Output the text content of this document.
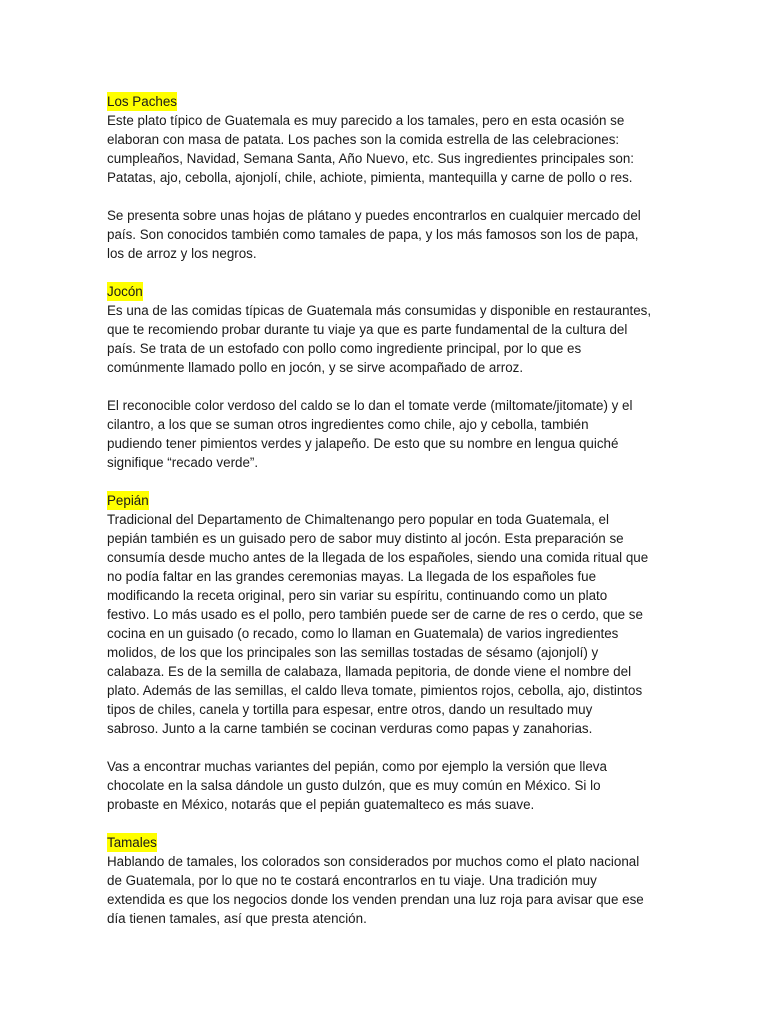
Los Paches

Este plato típico de Guatemala es muy parecido a los tamales, pero en esta ocasión se
elaboran con masa de patata. Los paches son la comida estrella de las celebraciones:
cumpleaños, Navidad, Semana Santa, Año Nuevo, etc. Sus ingredientes principales son:
Patatas, ajo, cebolla, ajonjolí, chile, achiote, pimienta, mantequilla y carne de pollo o res.

Se presenta sobre unas hojas de plátano y puedes encontrarlos en cualquier mercado del
país. Son conocidos también como tamales de papa, y los más famosos son los de papa,
los de arroz y los negros.

Jocón

Es una de las comidas típicas de Guatemala más consumidas y disponible en restaurantes,
que te recomiendo probar durante tu viaje ya que es parte fundamental de la cultura del
país. Se trata de un estofado con pollo como ingrediente principal, por lo que es
comúnmente llamado pollo en jocón, y se sirve acompañado de arroz.

El reconocible color verdoso del caldo se lo dan el tomate verde (miltomate/jitomate) y el
cilantro, a los que se suman otros ingredientes como chile, ajo y cebolla, también
pudiendo tener pimientos verdes y jalapeño. De esto que su nombre en lengua quiché
signifique “recado verde”.

Pepián

Tradicional del Departamento de Chimaltenango pero popular en toda Guatemala, el
pepián también es un guisado pero de sabor muy distinto al jocón. Esta preparación se
consumía desde mucho antes de la llegada de los españoles, siendo una comida ritual que
no podía faltar en las grandes ceremonias mayas. La llegada de los españoles fue
modificando la receta original, pero sin variar su espíritu, continuando como un plato
festivo. Lo más usado es el pollo, pero también puede ser de carne de res o cerdo, que se
cocina en un guisado (o recado, como lo llaman en Guatemala) de varios ingredientes
molidos, de los que los principales son las semillas tostadas de sésamo (ajonjolí) y
calabaza. Es de la semilla de calabaza, llamada pepitoria, de donde viene el nombre del
plato. Además de las semillas, el caldo lleva tomate, pimientos rojos, cebolla, ajo, distintos
tipos de chiles, canela y tortilla para espesar, entre otros, dando un resultado muy
sabroso. Junto a la carne también se cocinan verduras como papas y zanahorias.

Vas a encontrar muchas variantes del pepián, como por ejemplo la versión que lleva
chocolate en la salsa dándole un gusto dulzón, que es muy común en México. Si lo
probaste en México, notarás que el pepián guatemalteco es más suave.

Tamales

Hablando de tamales, los colorados son considerados por muchos como el plato nacional
de Guatemala, por lo que no te costará encontrarlos en tu viaje. Una tradición muy
extendida es que los negocios donde los venden prendan una luz roja para avisar que ese
día tienen tamales, así que presta atención.
